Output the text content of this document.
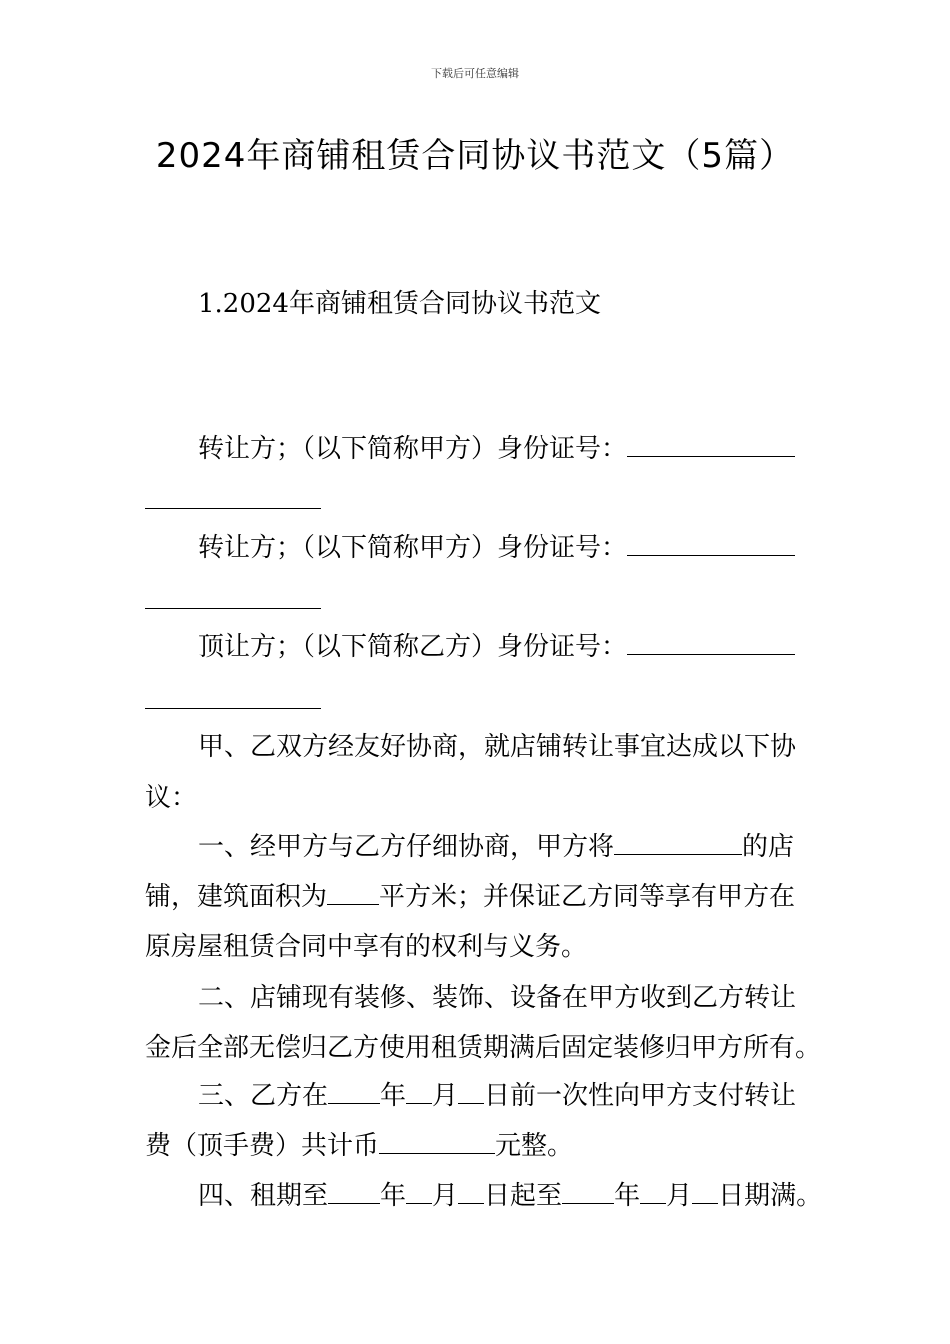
下载后可任意编辑
2024年商铺租赁合同协议书范文（5篇）
1.2024年商铺租赁合同协议书范文
转让方；（以下简称甲方）身份证号：
转让方；（以下简称甲方）身份证号：
顶让方；（以下简称乙方）身份证号：
甲、乙双方经友好协商，就店铺转让事宜达成以下协
议：
一、经甲方与乙方仔细协商，甲方将	的店
铺，建筑面积为 平方米；并保证乙方同等享有甲方在
原房屋租赁合同中享有的权利与义务。
二、店铺现有装修、装饰、设备在甲方收到乙方转让
金后全部无偿归乙方使用租赁期满后固定装修归甲方所有。
三、乙方在 年 月 日前一次性向甲方支付转让
费（顶手费）共计币	元整。
四、租期至 年 月 日起至 年 月 日期满。
